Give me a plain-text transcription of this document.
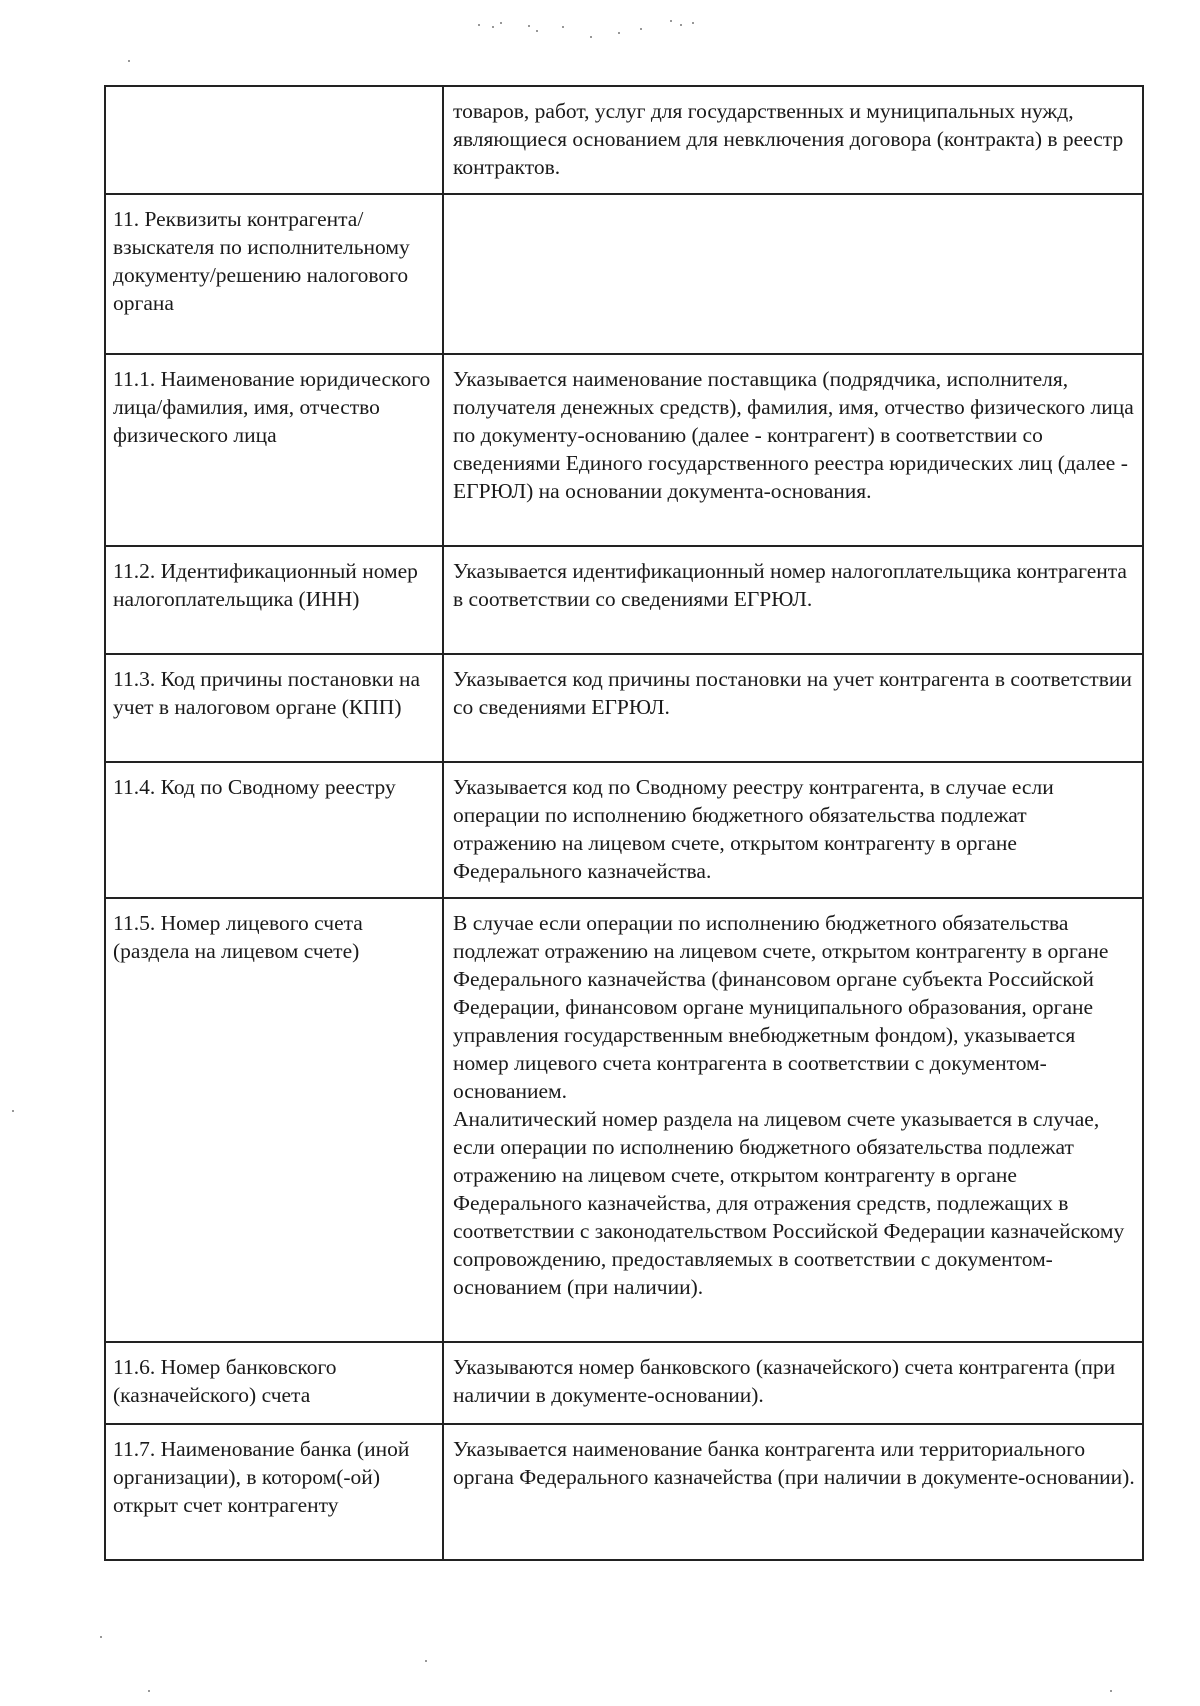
	товаров, работ, услуг для государственных и муниципальных нужд, являющиеся основанием для невключения договора (контракта) в реестр контрактов.

11. Реквизиты контрагента/взыскателя по исполнительному документу/решению налогового органа	
11.1. Наименование юридического лица/фамилия, имя, отчество физического лица	Указывается наименование поставщика (подрядчика, исполнителя, получателя денежных средств), фамилия, имя, отчество физического лица по документу-основанию (далее - контрагент) в соответствии со сведениями Единого государственного реестра юридических лиц (далее - ЕГРЮЛ) на основании документа-основания.

11.2. Идентификационный номер налогоплательщика (ИНН)	Указывается идентификационный номер налогоплательщика контрагента в соответствии со сведениями ЕГРЮЛ.

11.3. Код причины постановки на учет в налоговом органе (КПП)	Указывается код причины постановки на учет контрагента в соответствии со сведениями ЕГРЮЛ.

11.4. Код по Сводному реестру	Указывается код по Сводному реестру контрагента, в случае если операции по исполнению бюджетного обязательства подлежат отражению на лицевом счете, открытом контрагенту в органе Федерального казначейства.

11.5. Номер лицевого счета (раздела на лицевом счете)	В случае если операции по исполнению бюджетного обязательства подлежат отражению на лицевом счете, открытом контрагенту в органе Федерального казначейства (финансовом органе субъекта Российской Федерации, финансовом органе муниципального образования, органе управления государственным внебюджетным фондом), указывается номер лицевого счета контрагента в соответствии с документом-основанием.
Аналитический номер раздела на лицевом счете указывается в случае, если операции по исполнению бюджетного обязательства подлежат отражению на лицевом счете, открытом контрагенту в органе Федерального казначейства, для отражения средств, подлежащих в соответствии с законодательством Российской Федерации казначейскому сопровождению, предоставляемых в соответствии с документом-основанием (при наличии).

11.6. Номер банковского (казначейского) счета	Указываются номер банковского (казначейского) счета контрагента (при наличии в документе-основании).

11.7. Наименование банка (иной организации), в котором(-ой) открыт счет контрагенту	Указывается наименование банка контрагента или территориального органа Федерального казначейства (при наличии в документе-основании).
